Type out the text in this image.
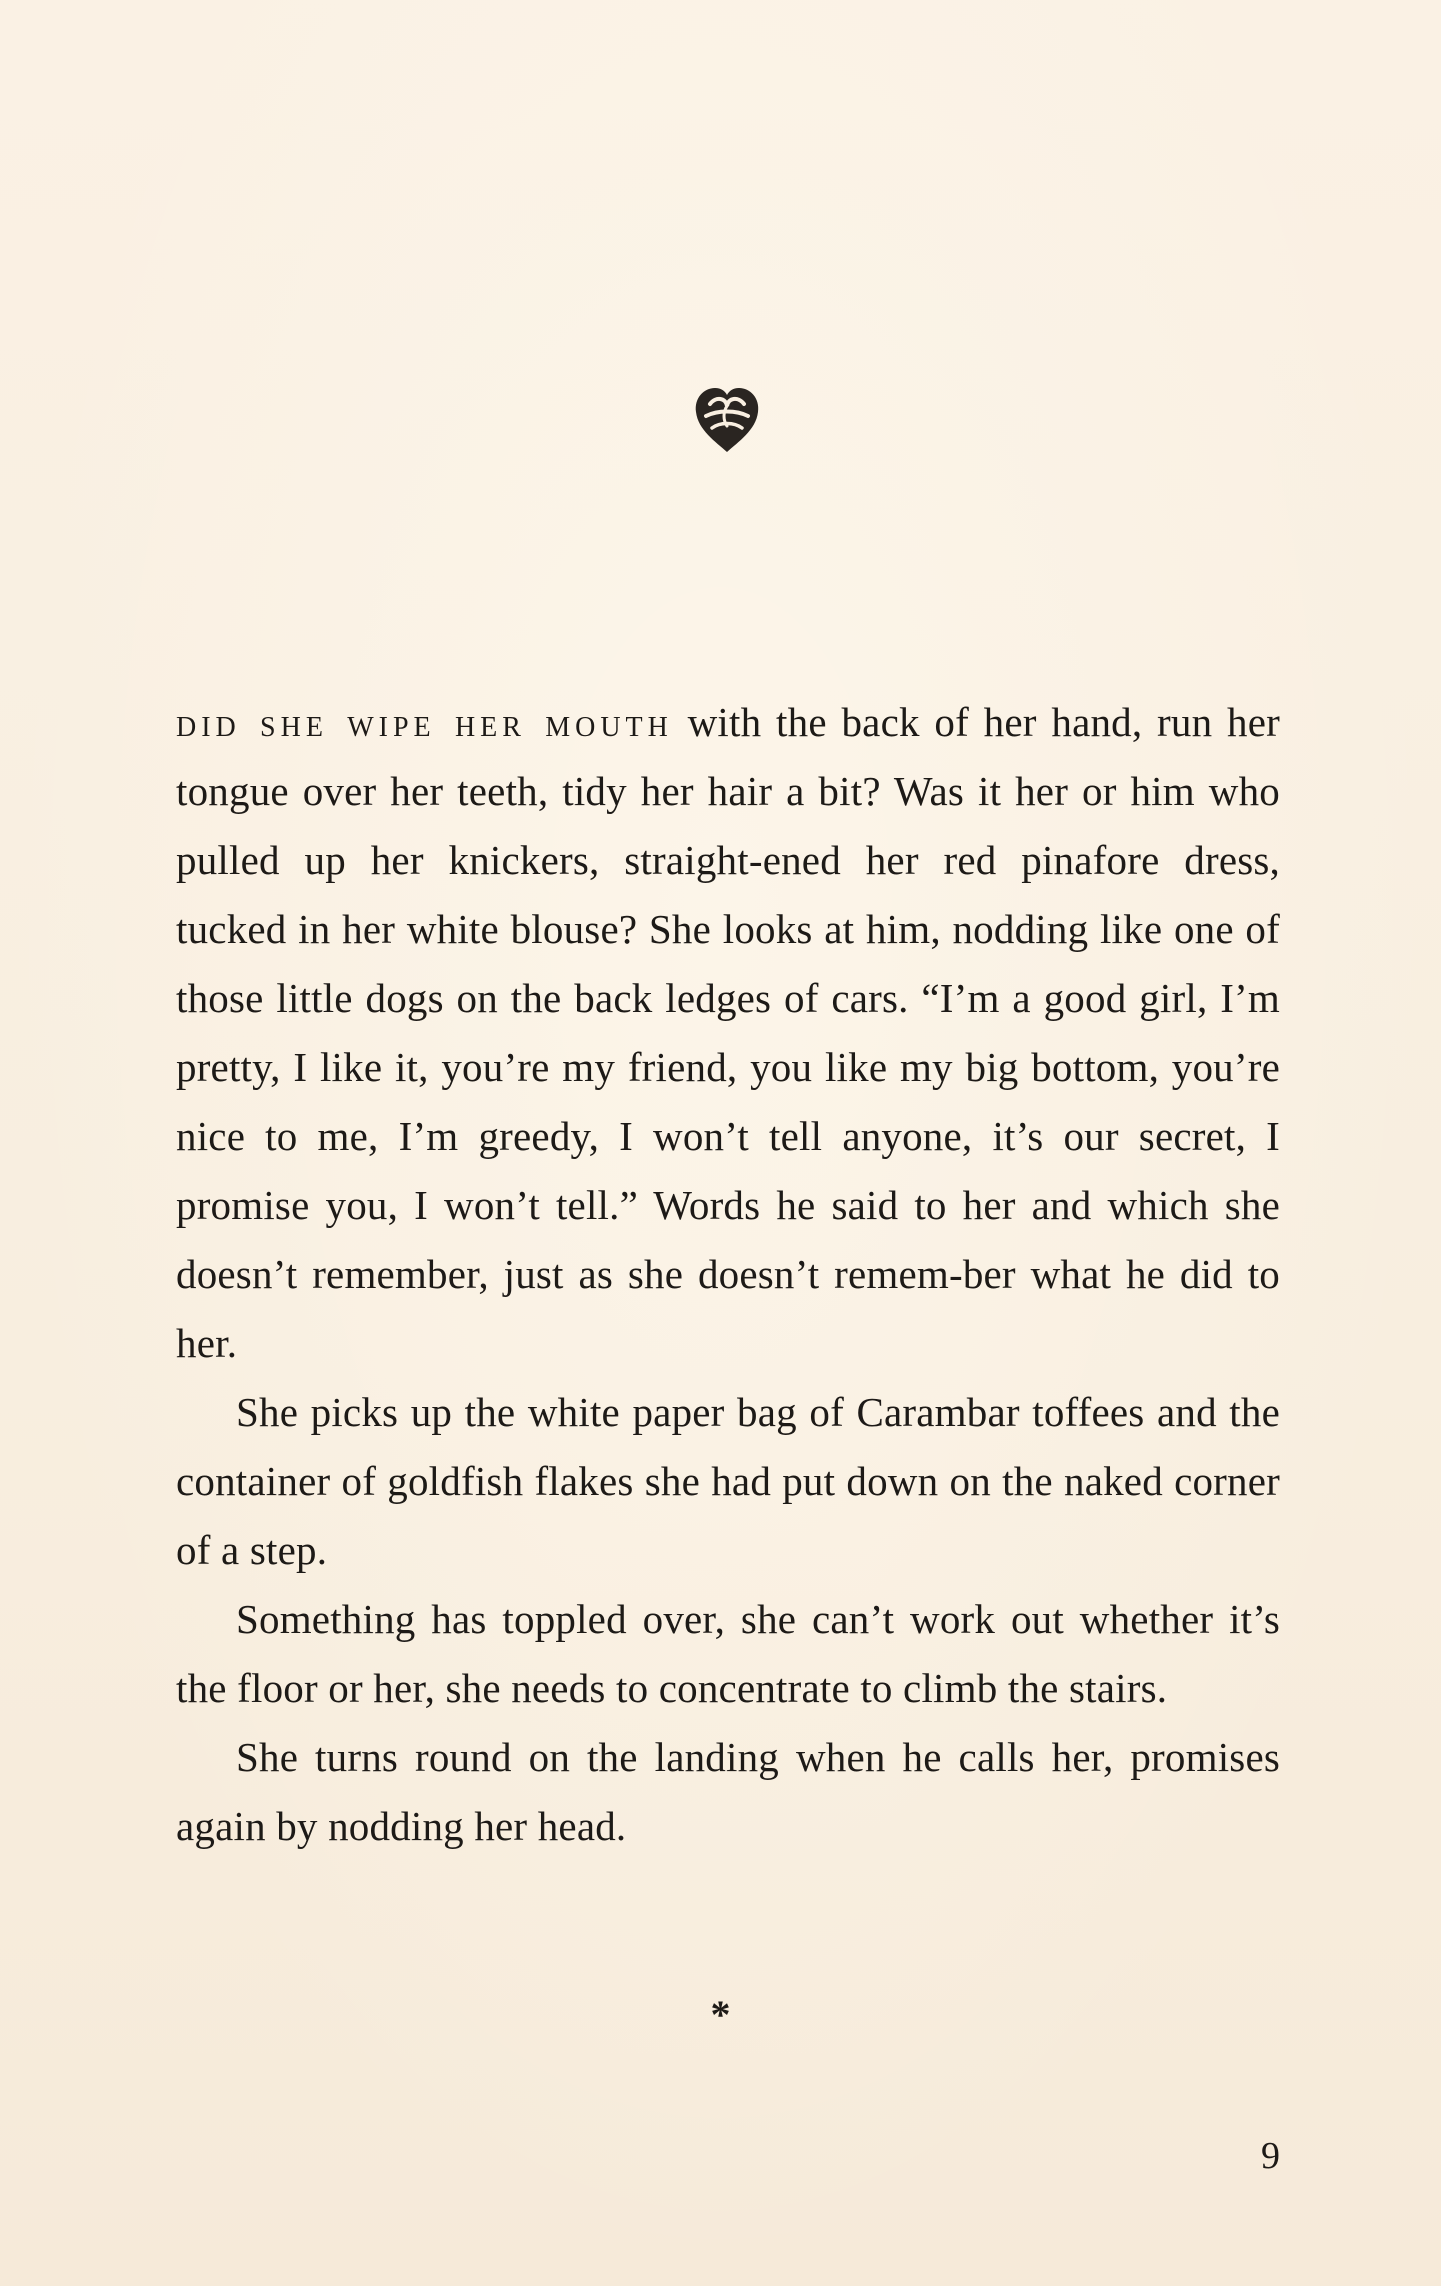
did she wipe her mouth with the back of her hand, run her tongue over her teeth, tidy her hair a bit? Was it her or him who pulled up her knickers, straight-ened her red pinafore dress, tucked in her white blouse? She looks at him, nodding like one of those little dogs on the back ledges of cars. “I’m a good girl, I’m pretty, I like it, you’re my friend, you like my big bottom, you’re nice to me, I’m greedy, I won’t tell anyone, it’s our secret, I promise you, I won’t tell.” Words he said to her and which she doesn’t remember, just as she doesn’t remem-ber what he did to her.

She picks up the white paper bag of Carambar toffees and the container of goldfish flakes she had put down on the naked corner of a step.

Something has toppled over, she can’t work out whether it’s the floor or her, she needs to concentrate to climb the stairs.

She turns round on the landing when he calls her, promises again by nodding her head.

*
9
